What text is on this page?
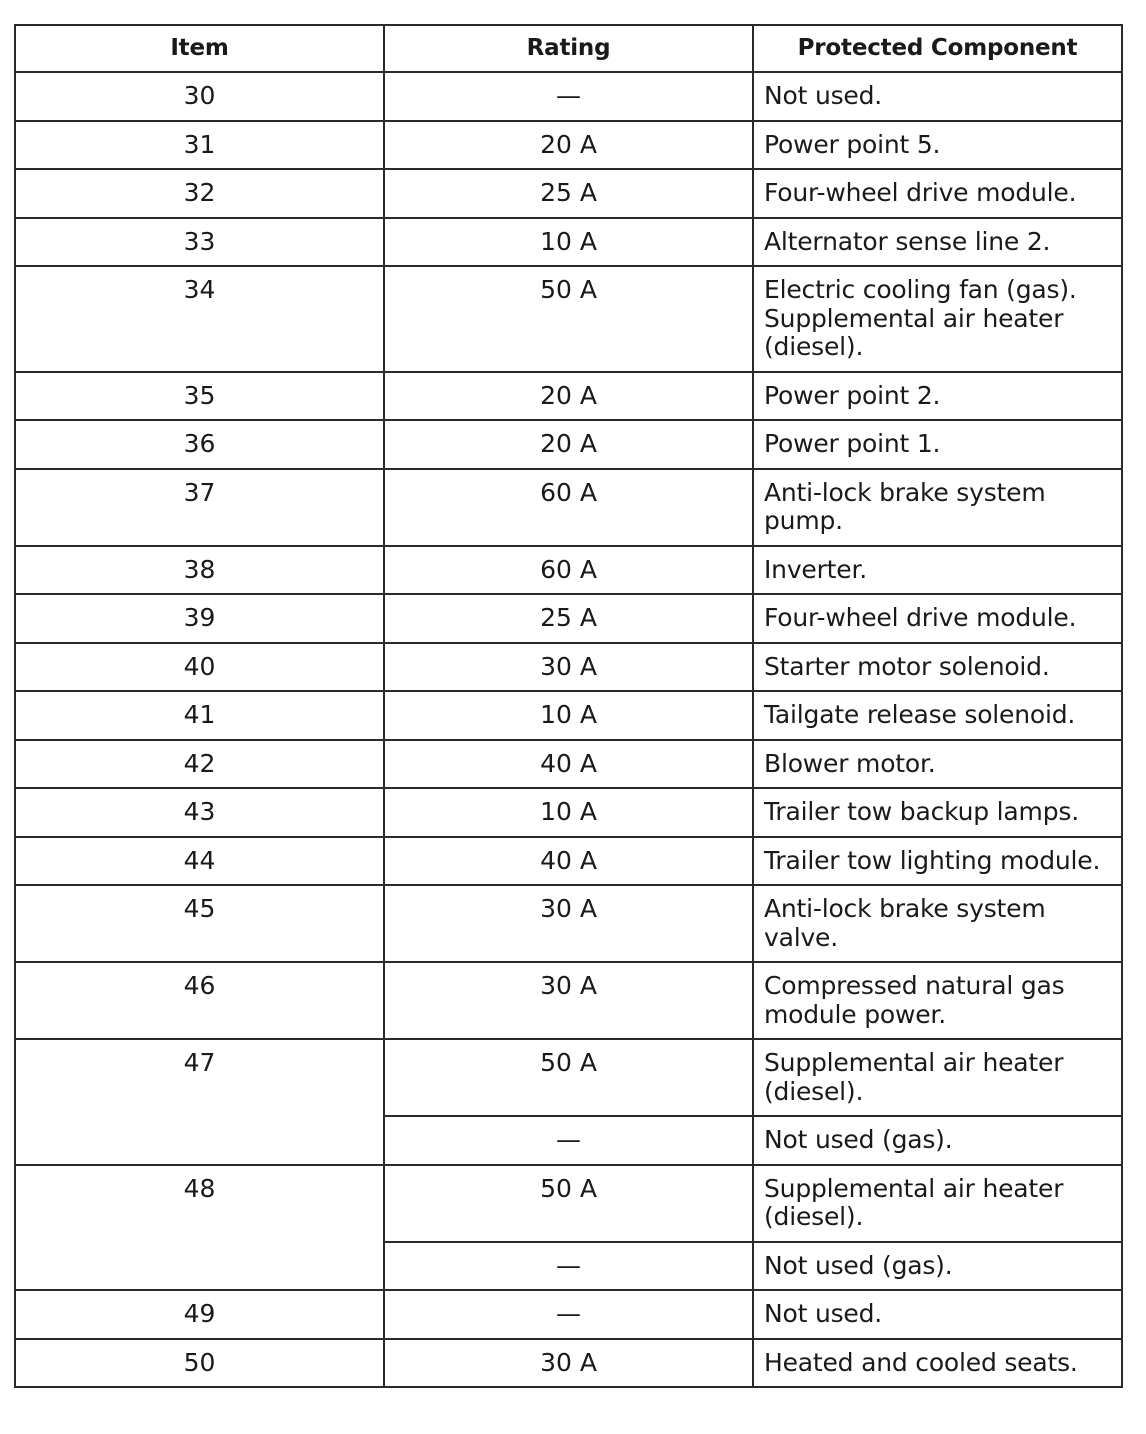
Item	Rating	Protected Component
30	—	Not used.
31	20 A	Power point 5.
32	25 A	Four-wheel drive module.
33	10 A	Alternator sense line 2.
34	50 A	Electric cooling fan (gas). Supplemental air heater (diesel).
35	20 A	Power point 2.
36	20 A	Power point 1.
37	60 A	Anti-lock brake system pump.
38	60 A	Inverter.
39	25 A	Four-wheel drive module.
40	30 A	Starter motor solenoid.
41	10 A	Tailgate release solenoid.
42	40 A	Blower motor.
43	10 A	Trailer tow backup lamps.
44	40 A	Trailer tow lighting module.
45	30 A	Anti-lock brake system valve.
46	30 A	Compressed natural gas module power.
47	50 A	Supplemental air heater (diesel).
	—	Not used (gas).
48	50 A	Supplemental air heater (diesel).
	—	Not used (gas).
49	—	Not used.
50	30 A	Heated and cooled seats.
